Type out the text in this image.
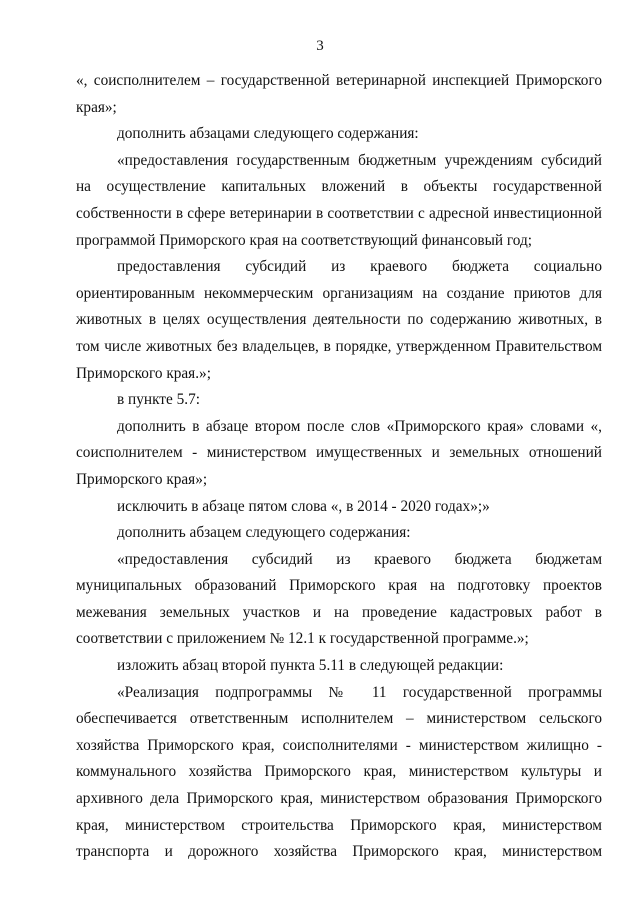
3

«, соисполнителем – государственной ветеринарной инспекцией Приморского края»;

дополнить абзацами следующего содержания:

«предоставления государственным бюджетным учреждениям субсидий на осуществление капитальных вложений в объекты государственной собственности в сфере ветеринарии в соответствии с адресной инвестиционной программой Приморского края на соответствующий финансовый год;

предоставления субсидий из краевого бюджета социально ориентированным некоммерческим организациям на создание приютов для животных в целях осуществления деятельности по содержанию животных, в том числе животных без владельцев, в порядке, утвержденном Правительством Приморского края.»;

в пункте 5.7:

дополнить в абзаце втором после слов «Приморского края» словами «, соисполнителем - министерством имущественных и земельных отношений Приморского края»;

исключить в абзаце пятом слова «, в 2014 - 2020 годах»;»

дополнить абзацем следующего содержания:

«предоставления субсидий из краевого бюджета бюджетам муниципальных образований Приморского края на подготовку проектов межевания земельных участков и на проведение кадастровых работ в соответствии с приложением № 12.1 к государственной программе.»;

изложить абзац второй пункта 5.11 в следующей редакции:

«Реализация подпрограммы № 11 государственной программы обеспечивается ответственным исполнителем – министерством сельского хозяйства Приморского края, соисполнителями - министерством жилищно - коммунального хозяйства Приморского края, министерством культуры и архивного дела Приморского края, министерством образования Приморского края, министерством строительства Приморского края, министерством транспорта и дорожного хозяйства Приморского края, министерством
